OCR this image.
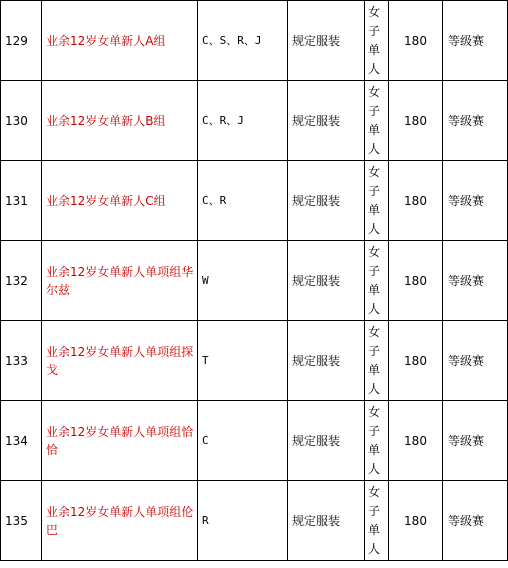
129	业余12岁女单新人A组	C、S、R、J	规定服装	女子单人	180	等级赛
130	业余12岁女单新人B组	C、R、J	规定服装	女子单人	180	等级赛
131	业余12岁女单新人C组	C、R	规定服装	女子单人	180	等级赛
132	业余12岁女单新人单项组华尔兹	W	规定服装	女子单人	180	等级赛
133	业余12岁女单新人单项组探戈	T	规定服装	女子单人	180	等级赛
134	业余12岁女单新人单项组恰恰	C	规定服装	女子单人	180	等级赛
135	业余12岁女单新人单项组伦巴	R	规定服装	女子单人	180	等级赛
